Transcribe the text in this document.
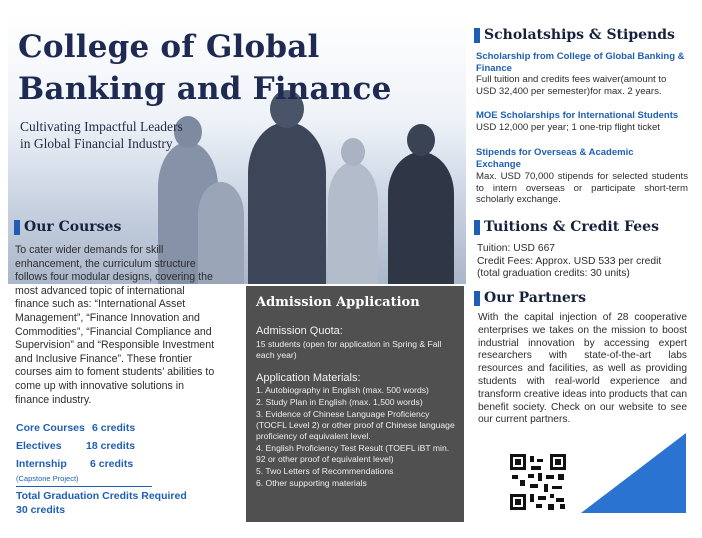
College of Global
Banking and Finance
Cultivating Impactful Leaders
in Global Financial Industry
Our Courses
To cater wider demands for skill enhancement, the curriculum structure follows four modular designs, covering the most advanced topic of international finance such as: “International Asset Management”, “Finance Innovation and Commodities”, “Financial Compliance and Supervision” and “Responsible Investment and Inclusive Finance”. These frontier courses aim to foment students’ abilities to come up with innovative solutions in finance industry.
Core Courses 6 credits
Electives 18 credits
Internship 6 credits
(Capstone Project)
Total Graduation Credits Required
30 credits
Admission Application
Admission Quota:
15 students (open for application in Spring & Fall each year)
Application Materials:
1. Autobiography in English (max. 500 words)
2. Study Plan in English (max. 1,500 words)
3. Evidence of Chinese Language Proficiency (TOCFL Level 2) or other proof of Chinese language proficiency of equivalent level.
4. English Proficiency Test Result (TOEFL iBT min. 92 or other proof of equivalent level)
5. Two Letters of Recommendations
6. Other supporting materials
Scholatships & Stipends
Scholarship from College of Global Banking & Finance
Full tuition and credits fees waiver(amount to USD 32,400 per semester)for max. 2 years.
MOE Scholarships for International Students
USD 12,000 per year; 1 one-trip flight ticket
Stipends for Overseas & Academic Exchange
Max. USD 70,000 stipends for selected students to intern overseas or participate short-term scholarly exchange.
Tuitions & Credit Fees
Tuition: USD 667
Credit Fees: Approx. USD 533 per credit
(total graduation credits: 30 units)
Our Partners
With the capital injection of 28 cooperative enterprises we takes on the mission to boost industrial innovation by accessing expert researchers with state-of-the-art labs resources and facilities, as well as providing students with real-world experience and transform creative ideas into products that can benefit society. Check on our website to see our current partners.
